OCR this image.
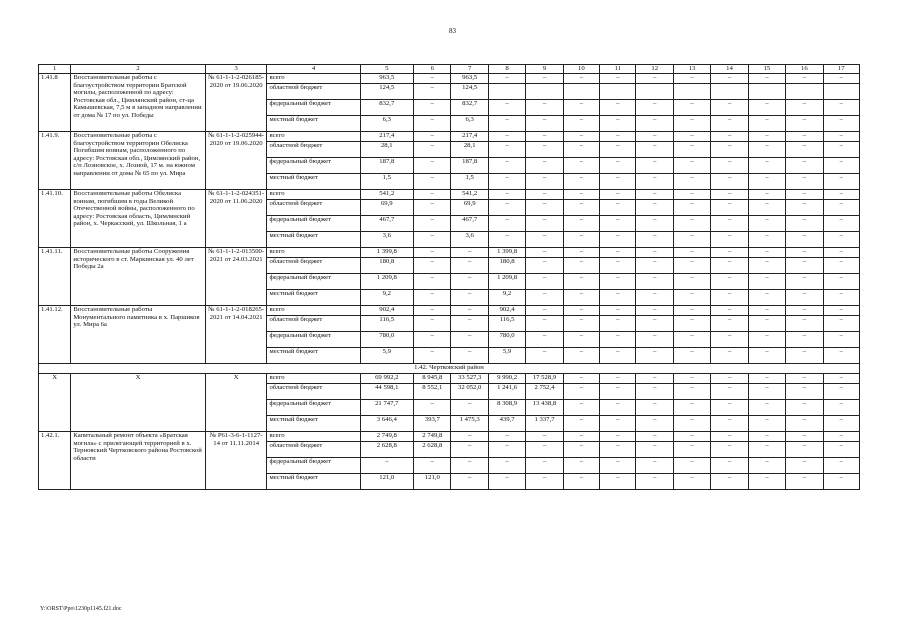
83
1	2	3	4	5	6	7	8	9	10	11	12	13	14	15	16	17
1.41.8	Восстановительные работы с благоустройством территории Братской могилы, расположенной по адресу: Ростовская обл., Цимлянский район, ст-ца Камышевская, 7,5 м в западном направлении от дома № 17 по ул. Победы	№ 61-1-1-2-026185-2020 от 19.06.2020	всего	963,5	–	963,5	–	–	–	–	–	–	–	–	–	–
			областной бюджет	124,5	–	124,5										
			федеральный бюджет	832,7	–	832,7	–	–	–	–	–	–	–	–	–	–
			местный бюджет	6,3	–	6,3	–	–	–	–	–	–	–	–	–	–
1.41.9.	Восстановительные работы с благоустройством территории Обелиска Погибшим воинам, расположенного по адресу: Ростовская обл., Цимлянский район, с/п Лозновское, х. Лозной, 17 м. на южном направлении от дома № 65 по ул. Мира	№ 61-1-1-2-025944-2020 от 19.06.2020	всего	217,4	–	217,4	–	–	–	–	–	–	–	–	–	–
			областной бюджет	28,1	–	28,1	–	–	–	–	–	–	–	–	–	–
			федеральный бюджет	187,8	–	187,8	–	–	–	–	–	–	–	–	–	–
			местный бюджет	1,5	–	1,5	–	–	–	–	–	–	–	–	–	–
1.41.10.	Восстановительные работы Обелиска воинам, погибшим в годы Великой Отечественной войны, расположенного по адресу: Ростовская область, Цимлянский район, х. Черкасский, ул. Школьная, 1 а	№ 61-1-1-2-024351-2020 от 11.06.2020	всего	541,2	–	541,2	–	–	–	–	–	–	–	–	–	–
			областной бюджет	69,9	–	69,9	–	–	–	–	–	–	–	–	–	–
			федеральный бюджет	467,7	–	467,7	–	–	–	–	–	–	–	–	–	–
			местный бюджет	3,6	–	3,6	–	–	–	–	–	–	–	–	–	–
1.41.11.	Восстановительные работы Сооружения исторического в ст. Маркинская ул. 40 лет Победы 2а	№ 61-1-1-2-013500-2021 от 24.03.2021	всего	1 399,8	–	–	1 399,8	–	–	–	–	–	–	–	–	–
			областной бюджет	180,8	–	–	180,8	–	–	–	–	–	–	–	–	–
			федеральный бюджет	1 209,8	–	–	1 209,8	–	–	–	–	–	–	–	–	–
			местный бюджет	9,2	–	–	9,2	–	–	–	–	–	–	–	–	–
1.41.12.	Восстановительные работы Монументального памятника в х. Паршиков ул. Мира 6а	№ 61-1-1-2-018265-2021 от 14.04.2021	всего	902,4	–	–	902,4	–	–	–	–	–	–	–	–	–
			областной бюджет	116,5	–	–	116,5	–	–	–	–	–	–	–	–	–
			федеральный бюджет	780,0	–	–	780,0	–	–	–	–	–	–	–	–	–
			местный бюджет	5,9	–	–	5,9	–	–	–	–	–	–	–	–	–
1.42. Чертковский район																
X	X	X	всего	69 992,2	8 945,8	33 527,3	9 990,2	17 528,9	–	–	–	–	–	–	–	–
			областной бюджет	44 598,1	8 552,1	32 052,0	1 241,6	2 752,4	–	–	–	–	–	–	–	–
			федеральный бюджет	21 747,7	–	–	8 308,9	13 438,8	–	–	–	–	–	–	–	–
			местный бюджет	3 646,4	393,7	1 475,3	439,7	1 337,7	–	–	–	–	–	–	–	–
1.42.1.	Капитальный ремонт объекта «Братская могила» с прилегающей территорией в х. Терновский Чертковского района Ростовской области	№ Р61-3-6-1-1127-14 от 11.11.2014	всего	2 749,8	2 749,8	–	–	–	–	–	–	–	–	–	–	–
			областной бюджет	2 628,8	2 628,8	–	–	–	–	–	–	–	–	–	–	–
			федеральный бюджет	–	–	–	–	–	–	–	–	–	–	–	–	–
			местный бюджет	121,0	121,0	–	–	–	–	–	–	–	–	–	–	–
Y:\ORST\Ppo\1230p1145.f21.doc
